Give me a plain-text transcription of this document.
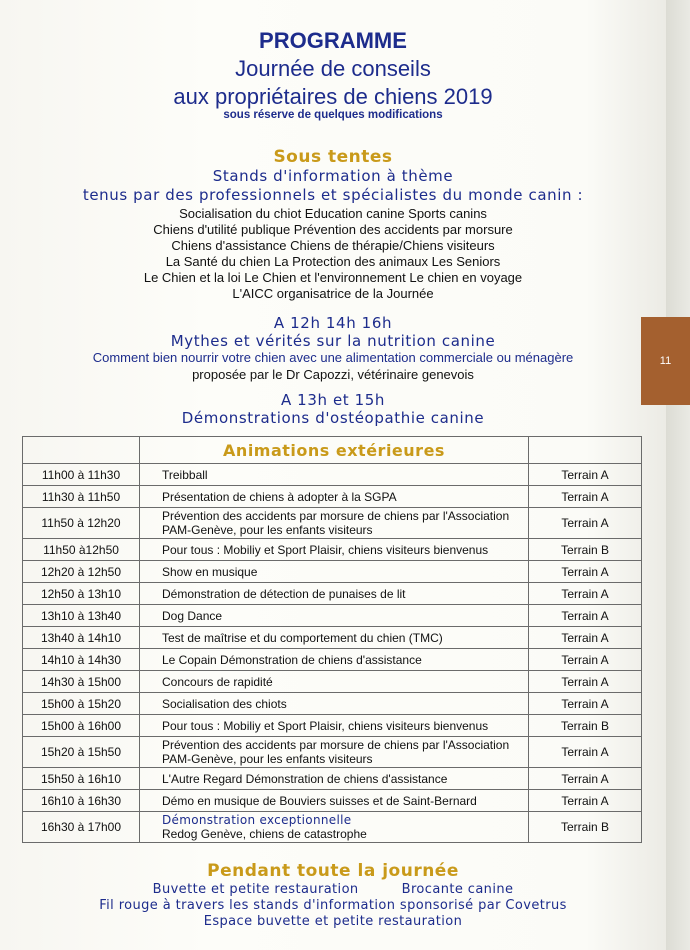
11
PROGRAMME
Journée de conseils
aux propriétaires de chiens 2019
sous réserve de quelques modifications
Sous tentes
Stands d'information à thème
tenus par des professionnels et spécialistes du monde canin :
Socialisation du chiot Education canine Sports canins
Chiens d'utilité publique Prévention des accidents par morsure
Chiens d'assistance Chiens de thérapie/Chiens visiteurs
La Santé du chien La Protection des animaux Les Seniors
Le Chien et la loi Le Chien et l'environnement Le chien en voyage
L'AICC organisatrice de la Journée
A 12h 14h 16h
Mythes et vérités sur la nutrition canine
Comment bien nourrir votre chien avec une alimentation commerciale ou ménagère
proposée par le Dr Capozzi, vétérinaire genevois
A 13h et 15h
Démonstrations d'ostéopathie canine
	Animations extérieures	
11h00 à 11h30	Treibball	Terrain A
11h30 à 11h50	Présentation de chiens à adopter à la SGPA	Terrain A
11h50 à 12h20	Prévention des accidents par morsure de chiens par l'Association PAM-Genève, pour les enfants visiteurs	Terrain A
11h50 à12h50	Pour tous : Mobiliy et Sport Plaisir, chiens visiteurs bienvenus	Terrain B
12h20 à 12h50	Show en musique	Terrain A
12h50 à 13h10	Démonstration de détection de punaises de lit	Terrain A
13h10 à 13h40	Dog Dance	Terrain A
13h40 à 14h10	Test de maîtrise et du comportement du chien (TMC)	Terrain A
14h10 à 14h30	Le Copain Démonstration de chiens d'assistance	Terrain A
14h30 à 15h00	Concours de rapidité	Terrain A
15h00 à 15h20	Socialisation des chiots	Terrain A
15h00 à 16h00	Pour tous : Mobiliy et Sport Plaisir, chiens visiteurs bienvenus	Terrain B
15h20 à 15h50	Prévention des accidents par morsure de chiens par l'Association PAM-Genève, pour les enfants visiteurs	Terrain A
15h50 à 16h10	L'Autre Regard Démonstration de chiens d'assistance	Terrain A
16h10 à 16h30	Démo en musique de Bouviers suisses et de Saint-Bernard	Terrain A
16h30 à 17h00	Démonstration exceptionnelle
Redog Genève, chiens de catastrophe	Terrain B
Pendant toute la journée
Buvette et petite restauration	Brocante canine
Fil rouge à travers les stands d'information sponsorisé par Covetrus
Espace buvette et petite restauration
